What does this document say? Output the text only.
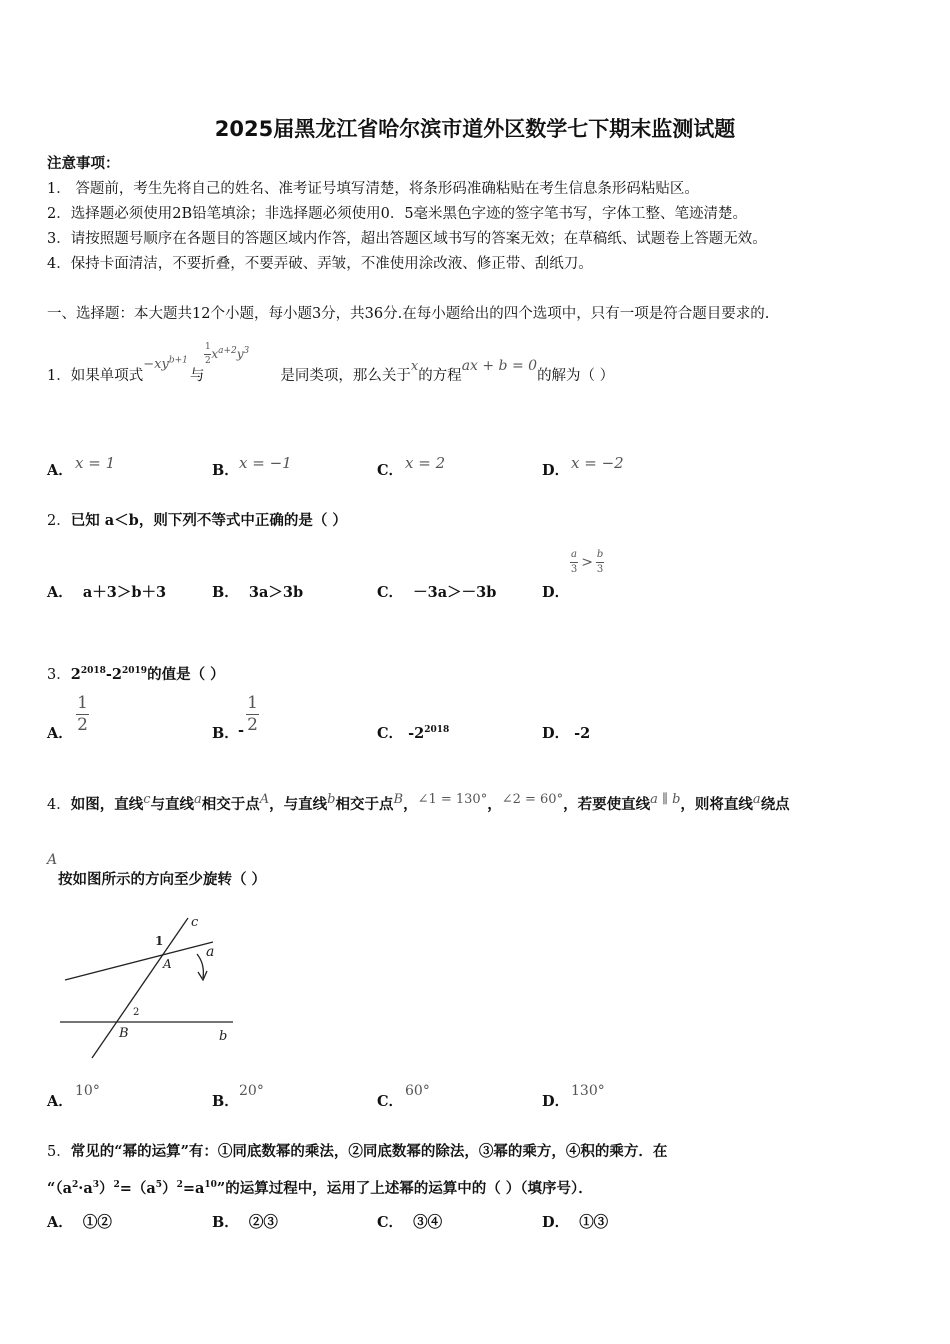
2025届黑龙江省哈尔滨市道外区数学七下期末监测试题
注意事项：
1． 答题前，考生先将自己的姓名、准考证号填写清楚，将条形码准确粘贴在考生信息条形码粘贴区。
2．选择题必须使用2B铅笔填涂；非选择题必须使用0．5毫米黑色字迹的签字笔书写，字体工整、笔迹清楚。
3．请按照题号顺序在各题目的答题区域内作答，超出答题区域书写的答案无效；在草稿纸、试题卷上答题无效。
4．保持卡面清洁，不要折叠，不要弄破、弄皱，不准使用涂改液、修正带、刮纸刀。
一、选择题：本大题共12个小题，每小题3分，共36分.在每小题给出的四个选项中，只有一项是符合题目要求的.
1．如果单项式$-xy^{b+1}$与
$\frac{1}{2} x^{a+2}y^3$是同类项，那么关于x的方程ax + b = 0的解为（ ）
A． x = 1	B． x = −1	C． x = 2	D． x = −2
2．已知 a＜b，则下列不等式中正确的是（ ）
A． a＋3＞b＋3	B． 3a＞3b	C． －3a＞－3b	D．
$\frac{a}{3} > \frac{b}{3}$
3．$2^{2018}-2^{2019}$的值是（ ）
A． $\frac{1}{2}$	B． - $\frac{1}{2}$	C． $-2^{2018}$	D． -2
4．如图，直线c与直线a相交于点A，与直线b相交于点B，∠1 = 130°，∠2 = 60°，若要使直线a ∥ b，则将直线a绕点
A
按如图所示的方向至少旋转（ ）
1
2
A
B
a
b
c
A．
10°
B．
20°
C．
60°
D．
130°
5．常见的“幂的运算”有：①同底数幂的乘法，②同底数幂的除法，③幂的乘方，④积的乘方．在
“$(a^2\cdot a^3)^2=(a^5)^2=a^{10}$”的运算过程中，运用了上述幂的运算中的（ ）（填序号）．
A． ①②	B． ②③	C． ③④	D． ①③
